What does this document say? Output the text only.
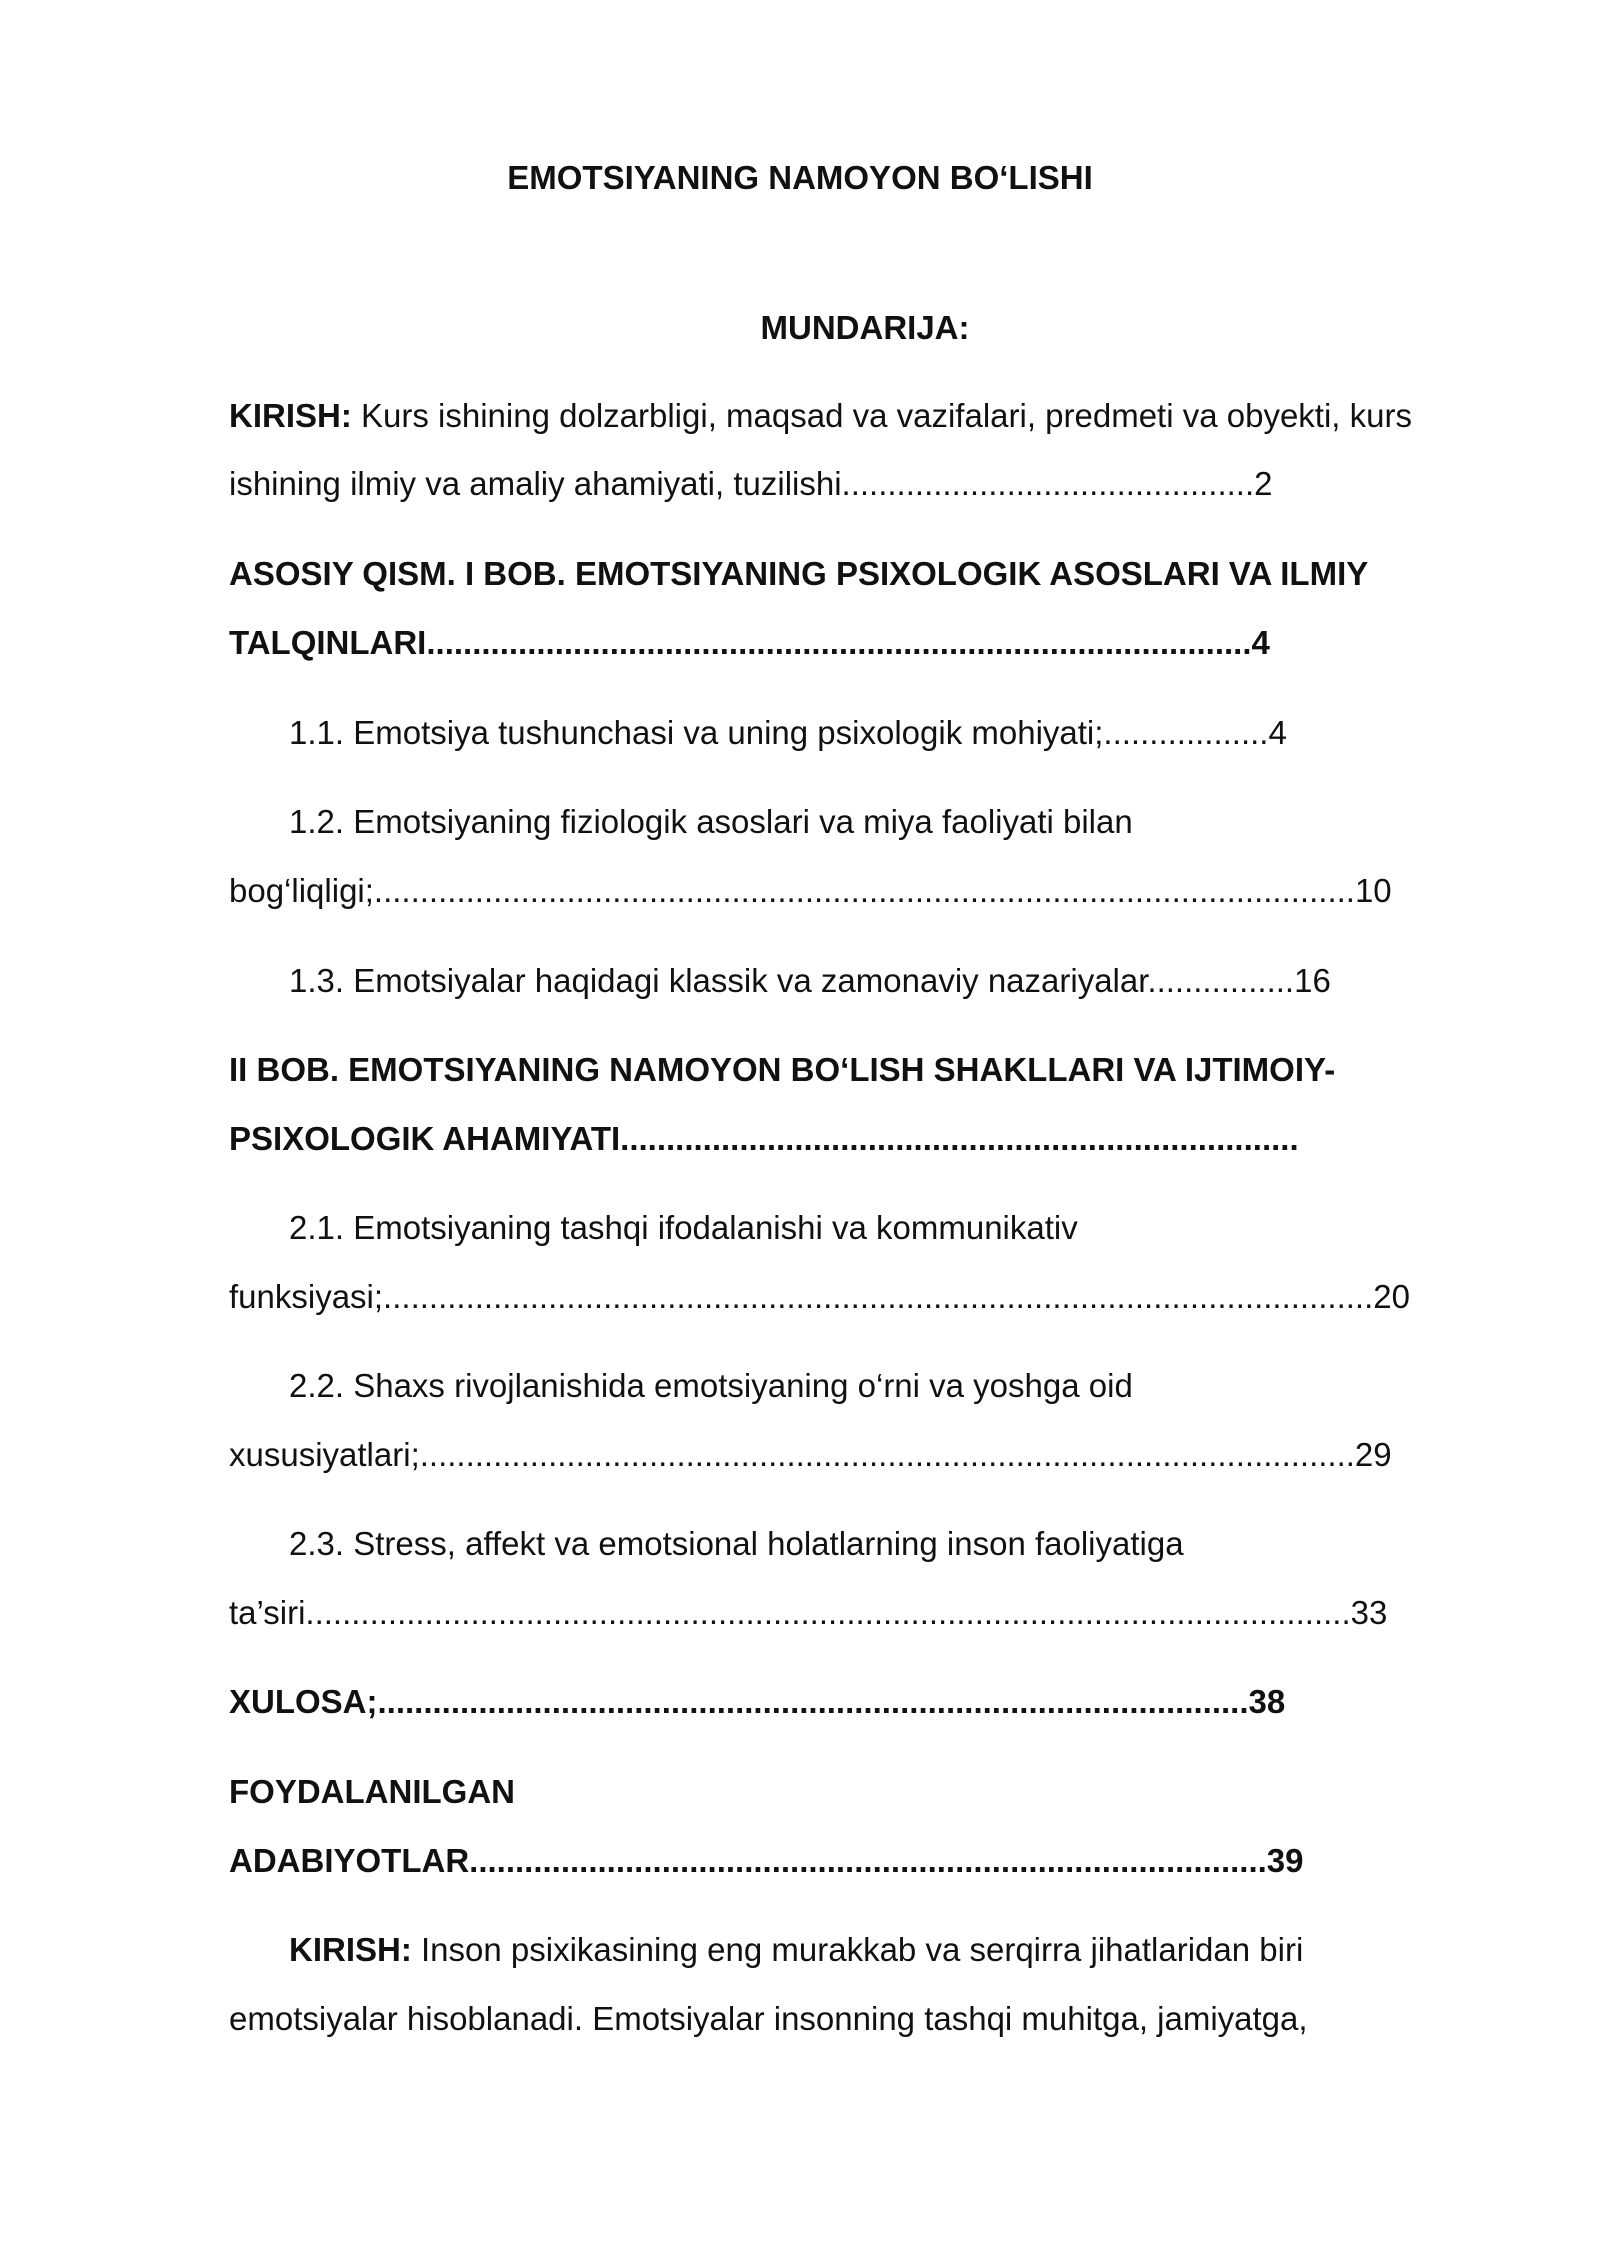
EMOTSIYANING NAMOYON BO‘LISHI
MUNDARIJA:
KIRISH: Kurs ishining dolzarbligi, maqsad va vazifalari, predmeti va obyekti, kurs
ishining ilmiy va amaliy ahamiyati, tuzilishi.............................................2
ASOSIY QISM. I BOB. EMOTSIYANING PSIXOLOGIK ASOSLARI VA ILMIY
TALQINLARI..........................................................................................4
1.1. Emotsiya tushunchasi va uning psixologik mohiyati;..................4
1.2. Emotsiyaning fiziologik asoslari va miya faoliyati bilan
bog‘liqligi;...........................................................................................................10
1.3. Emotsiyalar haqidagi klassik va zamonaviy nazariyalar................16
II BOB. EMOTSIYANING NAMOYON BO‘LISH SHAKLLARI VA IJTIMOIY-
PSIXOLOGIK AHAMIYATI..........................................................................
2.1. Emotsiyaning tashqi ifodalanishi va kommunikativ
funksiyasi;............................................................................................................20
2.2. Shaxs rivojlanishida emotsiyaning o‘rni va yoshga oid
xususiyatlari;......................................................................................................29
2.3. Stress, affekt va emotsional holatlarning inson faoliyatiga
ta’siri..................................................................................................................33
XULOSA;...............................................................................................38
FOYDALANILGAN
ADABIYOTLAR.......................................................................................39
KIRISH: Inson psixikasining eng murakkab va serqirra jihatlaridan biri
emotsiyalar hisoblanadi. Emotsiyalar insonning tashqi muhitga, jamiyatga,
